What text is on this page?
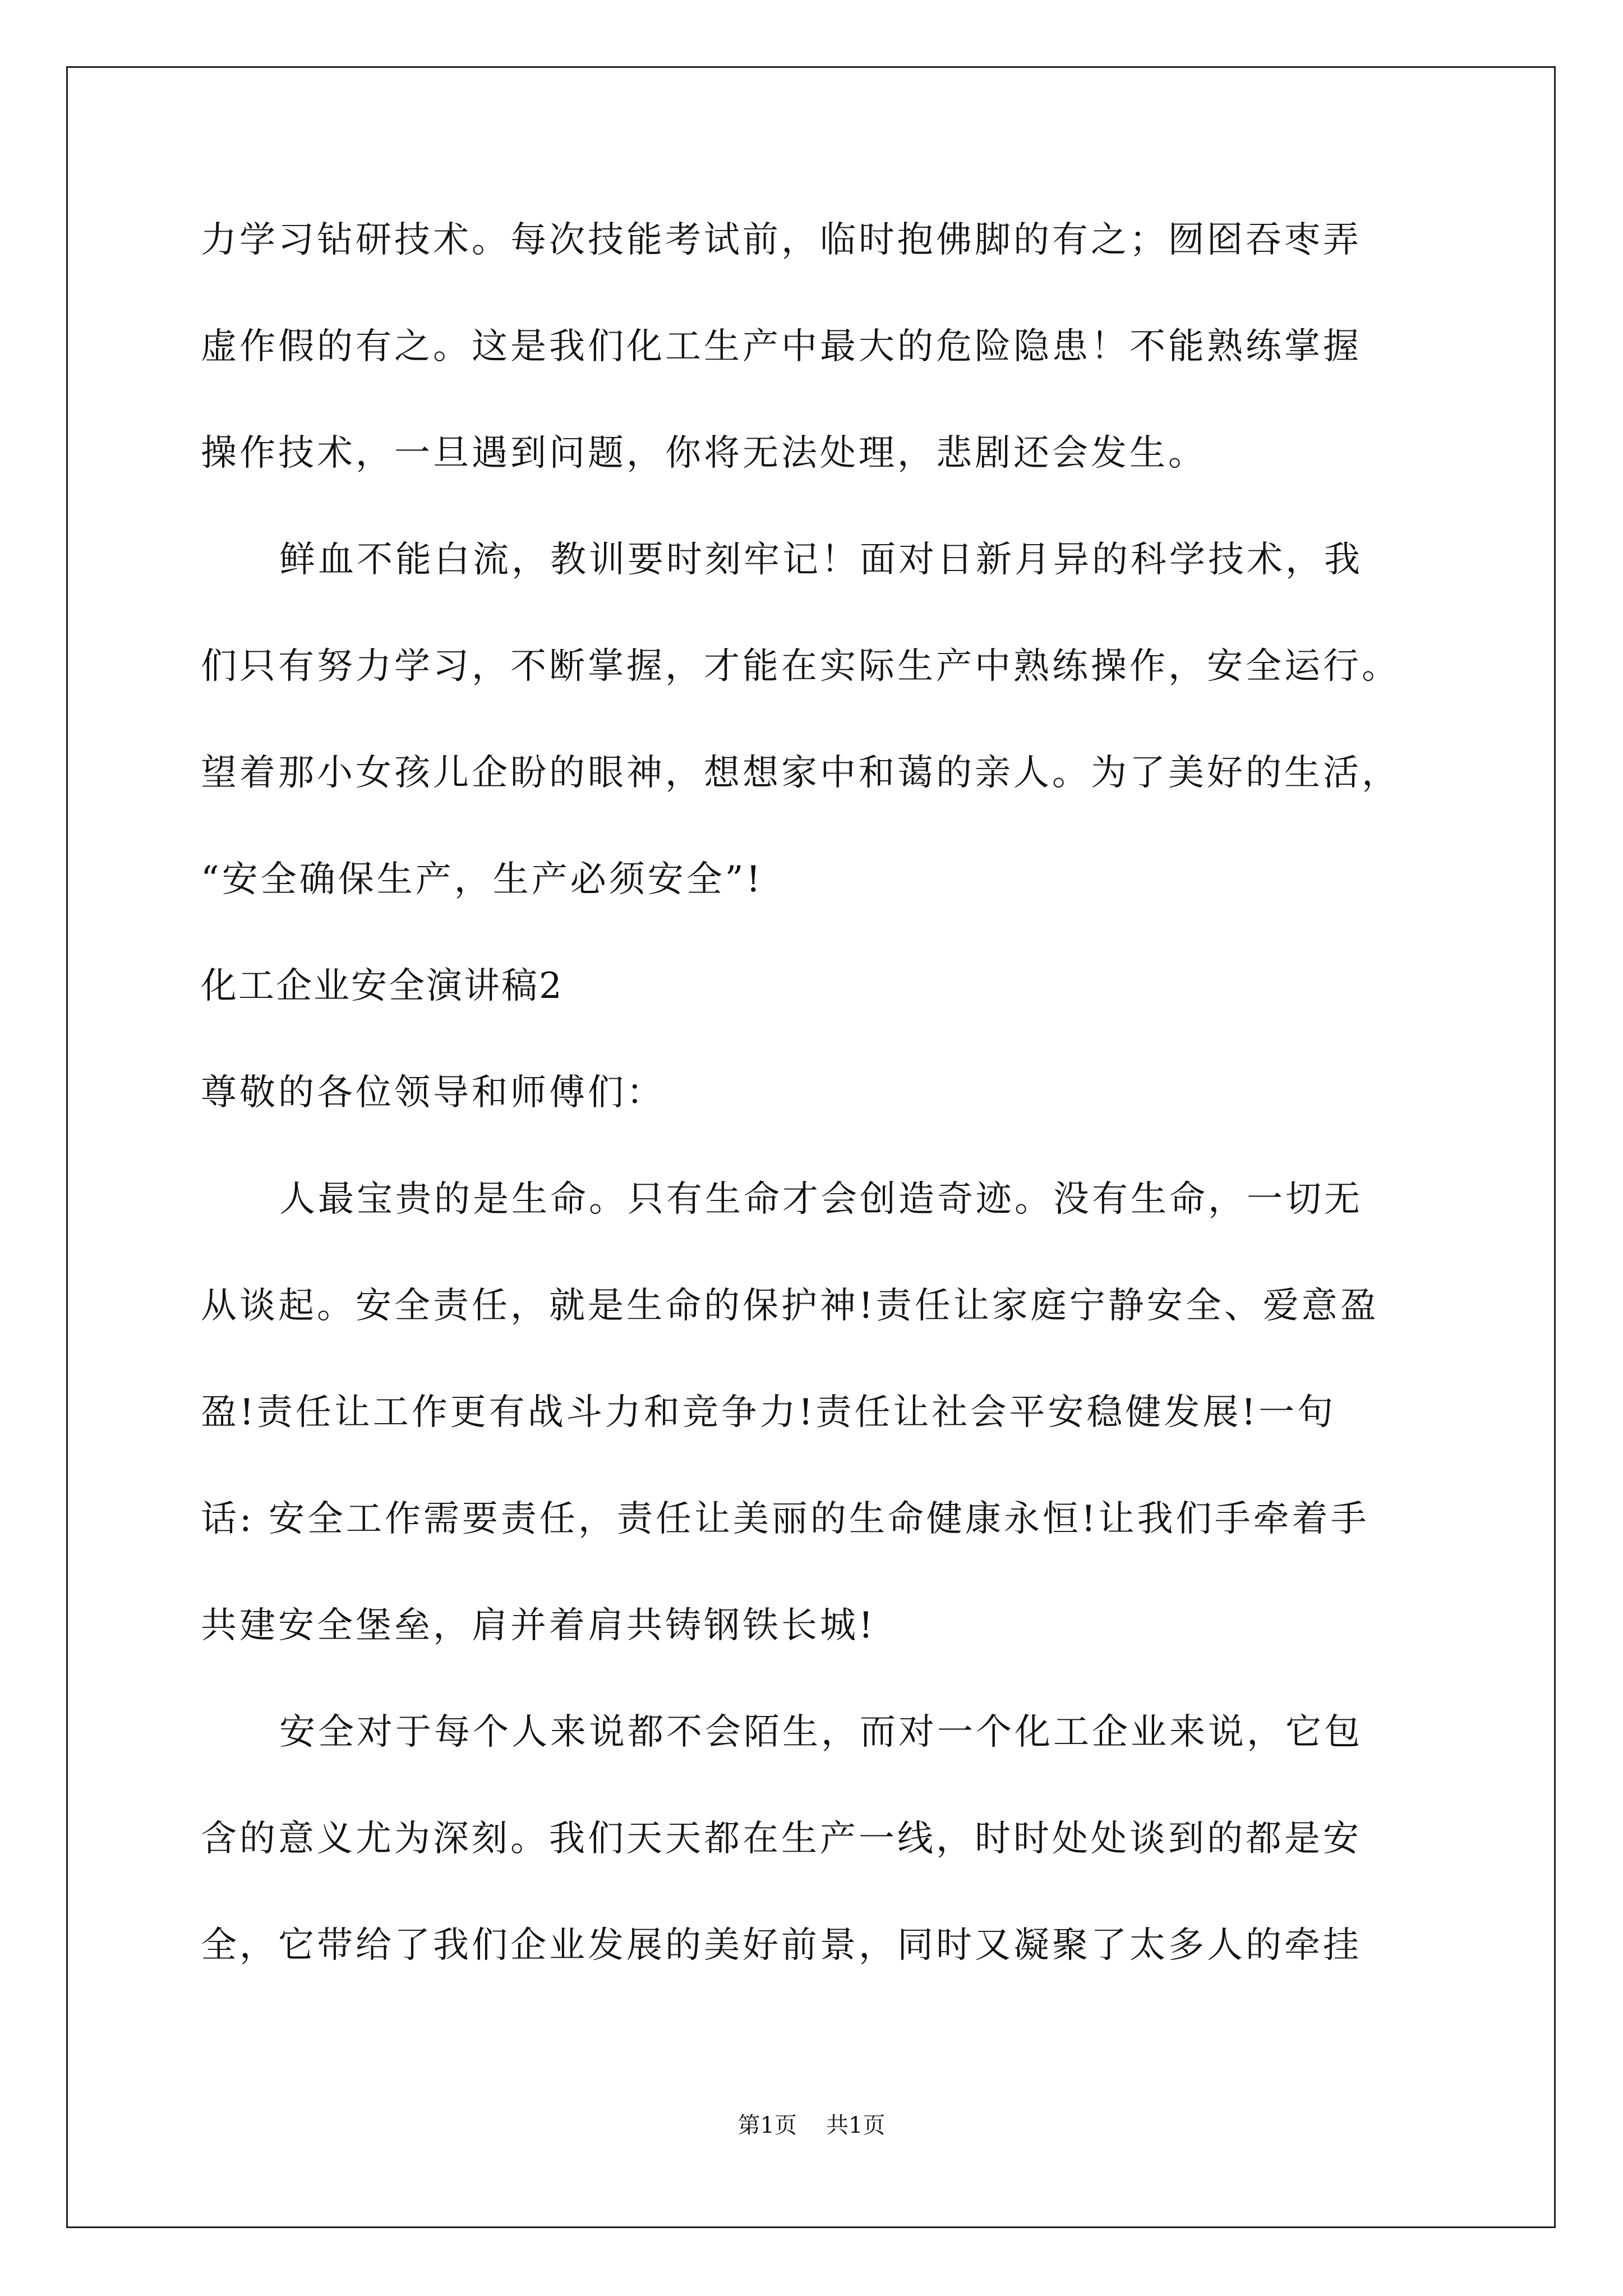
力学习钻研技术。每次技能考试前，临时抱佛脚的有之；囫囵吞枣弄
虚作假的有之。这是我们化工生产中最大的危险隐患！不能熟练掌握
操作技术，一旦遇到问题，你将无法处理，悲剧还会发生。
鲜血不能白流，教训要时刻牢记！面对日新月异的科学技术，我
们只有努力学习，不断掌握，才能在实际生产中熟练操作，安全运行。
望着那小女孩儿企盼的眼神，想想家中和蔼的亲人。为了美好的生活，
“安全确保生产，生产必须安全”!
化工企业安全演讲稿2
尊敬的各位领导和师傅们：
人最宝贵的是生命。只有生命才会创造奇迹。没有生命，一切无
从谈起。安全责任，就是生命的保护神!责任让家庭宁静安全、爱意盈
盈!责任让工作更有战斗力和竞争力!责任让社会平安稳健发展!一句
话: 安全工作需要责任，责任让美丽的生命健康永恒!让我们手牵着手
共建安全堡垒，肩并着肩共铸钢铁长城!
安全对于每个人来说都不会陌生，而对一个化工企业来说，它包
含的意义尤为深刻。我们天天都在生产一线，时时处处谈到的都是安
全，它带给了我们企业发展的美好前景，同时又凝聚了太多人的牵挂
第1页 共1页
